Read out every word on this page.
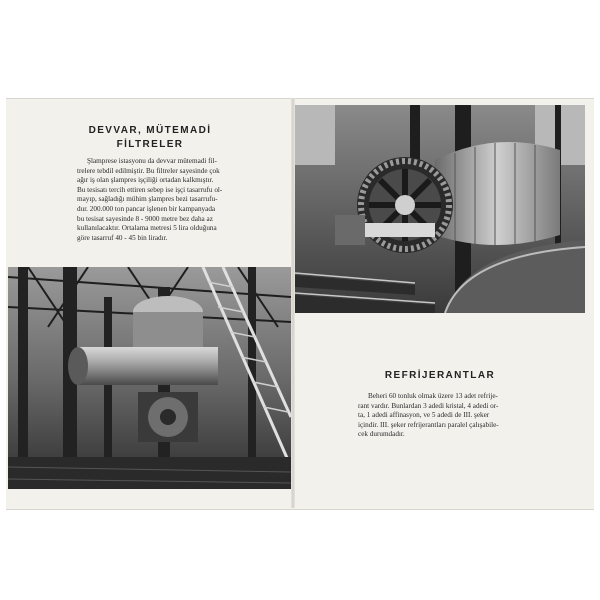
DEVVAR, MÜTEMADİ
FİLTRELER

Şlamprese istasyonu da devvar mütemadi fil-

trelere tebdil edilmiştir. Bu filtreler sayesinde çok

ağır iş olan şlampres işçiliği ortadan kalkmıştır.

Bu tesisatı tercih ettiren sebep ise işçi tasarrufu ol-

mayıp, sağladığı mühim şlampres bezi tasarrufu-

dur. 200.000 ton pancar işlenen bir kampanyada

bu tesisat sayesinde 8 - 9000 metre bez daha az

kullanılacaktır. Ortalama metresi 5 lira olduğuna

göre tasarruf 40 - 45 bin liradır.

REFRİJERANTLAR

Beheri 60 tonluk olmak üzere 13 adet refrije-

rant vardır. Bunlardan 3 adedi kristal, 4 adedi or-

ta, 1 adedi affinasyon, ve 5 adedi de III. şeker

içindir. III. şeker refrijerantları paralel çalışabile-

cek durumdadır.
